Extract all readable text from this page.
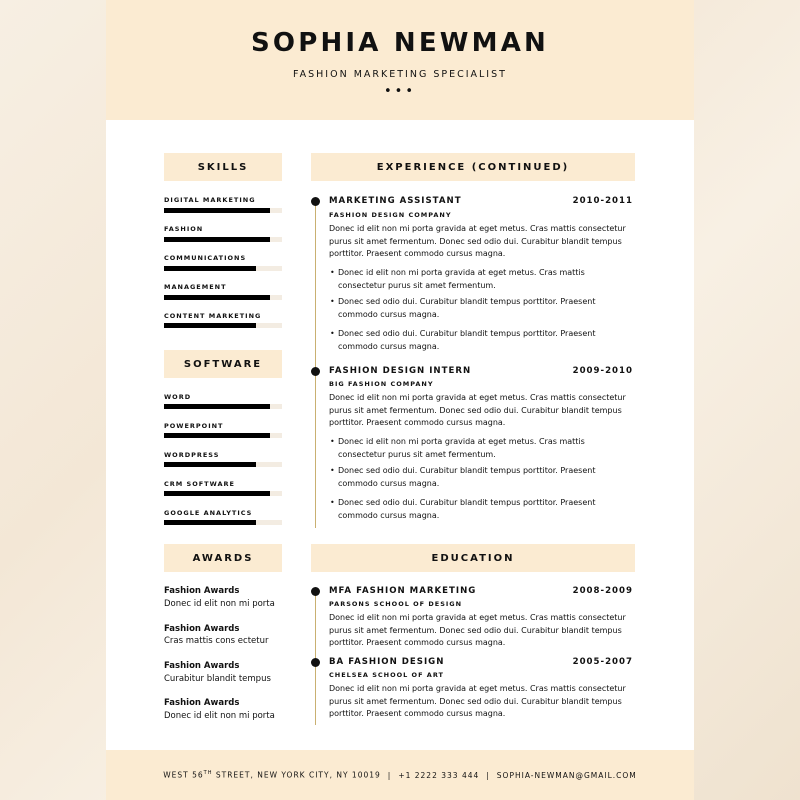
SOPHIA NEWMAN
FASHION MARKETING SPECIALIST
•••
SKILLS
DIGITAL MARKETING
FASHION
COMMUNICATIONS
MANAGEMENT
CONTENT MARKETING
SOFTWARE
WORD
POWERPOINT
WORDPRESS
CRM SOFTWARE
GOOGLE ANALYTICS
AWARDS
Fashion Awards
Donec id elit non mi porta
Fashion Awards
Cras mattis cons ectetur
Fashion Awards
Curabitur blandit tempus
Fashion Awards
Donec id elit non mi porta
EXPERIENCE (CONTINUED)
MARKETING ASSISTANT	2010-2011
FASHION DESIGN COMPANY
Donec id elit non mi porta gravida at eget metus. Cras mattis consectetur purus sit amet fermentum. Donec sed odio dui. Curabitur blandit tempus porttitor. Praesent commodo cursus magna.
• Donec id elit non mi porta gravida at eget metus. Cras mattis consectetur purus sit amet fermentum.
• Donec sed odio dui. Curabitur blandit tempus porttitor. Praesent commodo cursus magna.
• Donec sed odio dui. Curabitur blandit tempus porttitor. Praesent commodo cursus magna.
FASHION DESIGN INTERN	2009-2010
BIG FASHION COMPANY
Donec id elit non mi porta gravida at eget metus. Cras mattis consectetur purus sit amet fermentum. Donec sed odio dui. Curabitur blandit tempus porttitor. Praesent commodo cursus magna.
• Donec id elit non mi porta gravida at eget metus. Cras mattis consectetur purus sit amet fermentum.
• Donec sed odio dui. Curabitur blandit tempus porttitor. Praesent commodo cursus magna.
• Donec sed odio dui. Curabitur blandit tempus porttitor. Praesent commodo cursus magna.
EDUCATION
MFA FASHION MARKETING	2008-2009
PARSONS SCHOOL OF DESIGN
Donec id elit non mi porta gravida at eget metus. Cras mattis consectetur purus sit amet fermentum. Donec sed odio dui. Curabitur blandit tempus porttitor. Praesent commodo cursus magna.
BA FASHION DESIGN	2005-2007
CHELSEA SCHOOL OF ART
Donec id elit non mi porta gravida at eget metus. Cras mattis consectetur purus sit amet fermentum. Donec sed odio dui. Curabitur blandit tempus porttitor. Praesent commodo cursus magna.
WEST 56TH STREET, NEW YORK CITY, NY 10019 | +1 2222 333 444 | SOPHIA-NEWMAN@GMAIL.COM
